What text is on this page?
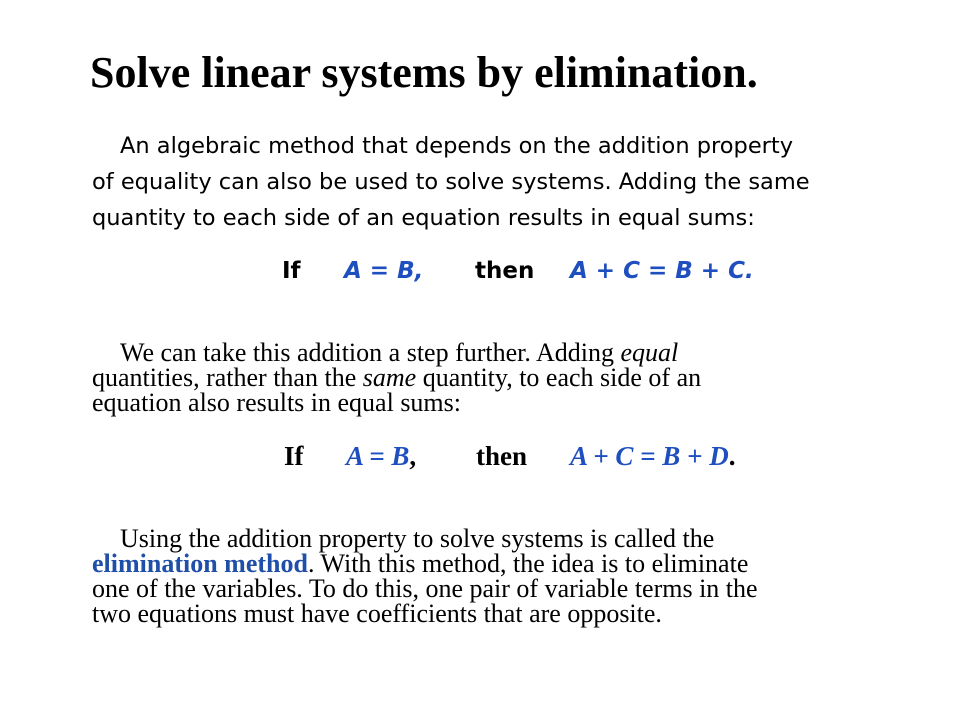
Solve linear systems by elimination.
An algebraic method that depends on the addition property
of equality can also be used to solve systems. Adding the same
quantity to each side of an equation results in equal sums:
If A = B, then A + C = B + C.
We can take this addition a step further. Adding equal
quantities, rather than the same quantity, to each side of an
equation also results in equal sums:
If A = B, then A + C = B + D.
Using the addition property to solve systems is called the
elimination method. With this method, the idea is to eliminate
one of the variables. To do this, one pair of variable terms in the
two equations must have coefficients that are opposite.
